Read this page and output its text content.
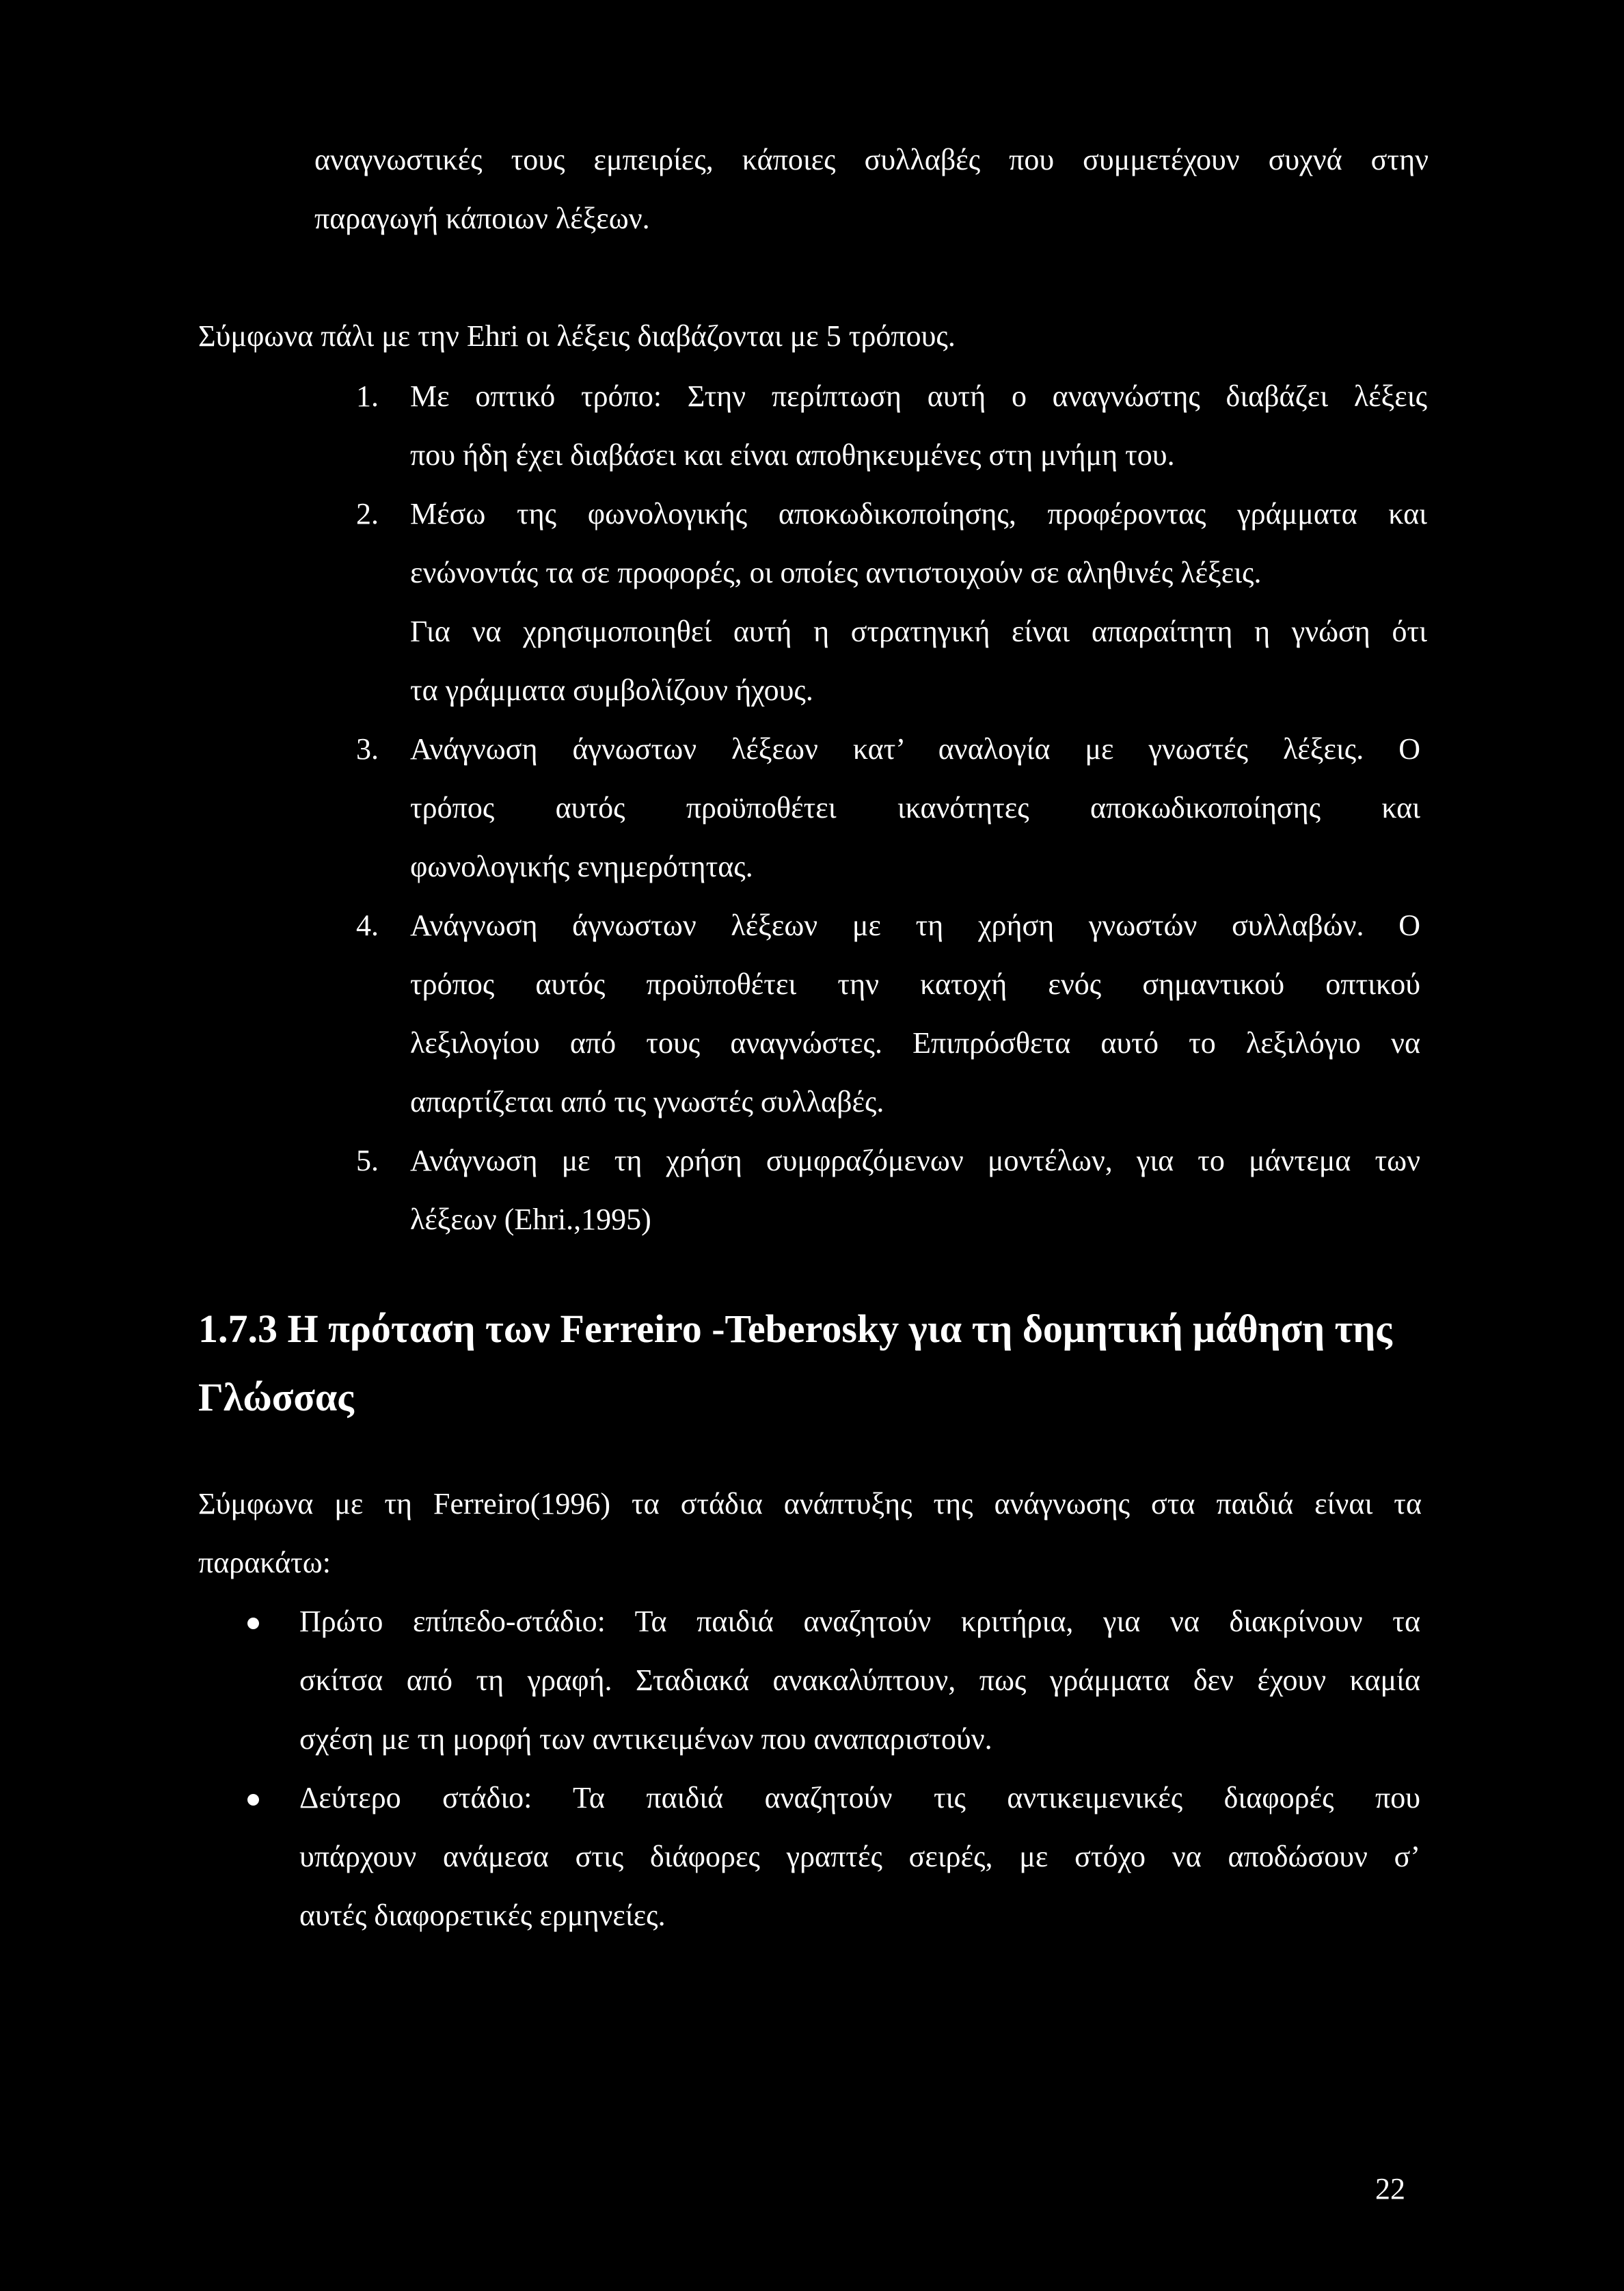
αναγνωστικές τους εμπειρίες, κάποιες συλλαβές που συμμετέχουν συχνά στην
παραγωγή κάποιων λέξεων.
Σύμφωνα πάλι με την Ehri οι λέξεις διαβάζονται με 5 τρόπους.
1. Με οπτικό τρόπο: Στην περίπτωση αυτή ο αναγνώστης διαβάζει λέξεις
που ήδη έχει διαβάσει και είναι αποθηκευμένες στη μνήμη του.
2. Μέσω της φωνολογικής αποκωδικοποίησης, προφέροντας γράμματα και
ενώνοντάς τα σε προφορές, οι οποίες αντιστοιχούν σε αληθινές λέξεις.
Για να χρησιμοποιηθεί αυτή η στρατηγική είναι απαραίτητη η γνώση ότι
τα γράμματα συμβολίζουν ήχους.
3. Ανάγνωση άγνωστων λέξεων κατ’ αναλογία με γνωστές λέξεις. Ο
τρόπος αυτός προϋποθέτει ικανότητες αποκωδικοποίησης και
φωνολογικής ενημερότητας.
4. Ανάγνωση άγνωστων λέξεων με τη χρήση γνωστών συλλαβών. Ο
τρόπος αυτός προϋποθέτει την κατοχή ενός σημαντικού οπτικού
λεξιλογίου από τους αναγνώστες. Επιπρόσθετα αυτό το λεξιλόγιο να
απαρτίζεται από τις γνωστές συλλαβές.
5. Ανάγνωση με τη χρήση συμφραζόμενων μοντέλων, για το μάντεμα των
λέξεων (Ehri.,1995)
1.7.3 Η πρόταση των Ferreiro -Teberosky για τη δομητική μάθηση της
Γλώσσας
Σύμφωνα με τη Ferreiro(1996) τα στάδια ανάπτυξης της ανάγνωσης στα παιδιά είναι τα
παρακάτω:
Πρώτο επίπεδο-στάδιο: Τα παιδιά αναζητούν κριτήρια, για να διακρίνουν τα
σκίτσα από τη γραφή. Σταδιακά ανακαλύπτουν, πως γράμματα δεν έχουν καμία
σχέση με τη μορφή των αντικειμένων που αναπαριστούν.
Δεύτερο στάδιο: Τα παιδιά αναζητούν τις αντικειμενικές διαφορές που
υπάρχουν ανάμεσα στις διάφορες γραπτές σειρές, με στόχο να αποδώσουν σ’
αυτές διαφορετικές ερμηνείες.
22
